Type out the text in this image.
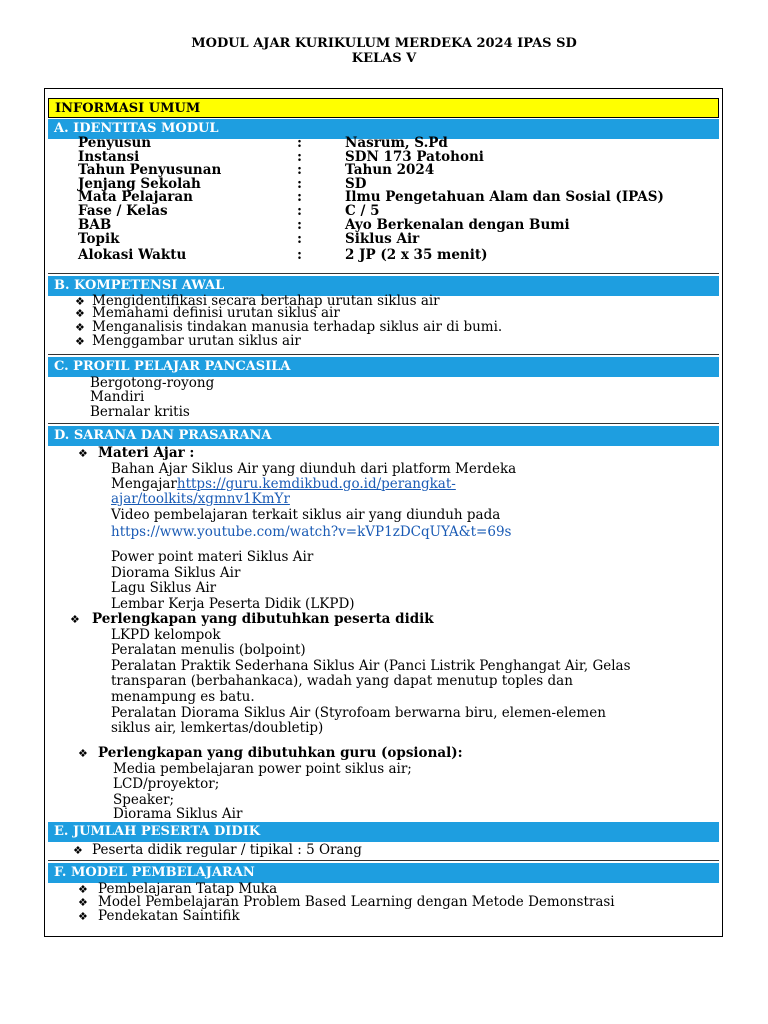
MODUL AJAR KURIKULUM MERDEKA 2024 IPAS SD
KELAS V
INFORMASI UMUM
A. IDENTITAS MODUL
Penyusun	:	Nasrum, S.Pd
Instansi	:	SDN 173 Patohoni
Tahun Penyusunan	:	Tahun 2024
Jenjang Sekolah	:	SD
Mata Pelajaran	:	Ilmu Pengetahuan Alam dan Sosial (IPAS)
Fase / Kelas	:	C / 5
BAB	:	Ayo Berkenalan dengan Bumi
Topik	:	Siklus Air
Alokasi Waktu	:	2 JP (2 x 35 menit)
B. KOMPETENSI AWAL
❖ Mengidentifikasi secara bertahap urutan siklus air
❖ Memahami definisi urutan siklus air
❖ Menganalisis tindakan manusia terhadap siklus air di bumi.
❖ Menggambar urutan siklus air
C. PROFIL PELAJAR PANCASILA
Bergotong-royong
Mandiri
Bernalar kritis
D. SARANA DAN PRASARANA
❖ Materi Ajar :
Bahan Ajar Siklus Air yang diunduh dari platform Merdeka
Mengajarhttps://guru.kemdikbud.go.id/perangkat-
ajar/toolkits/xgmnv1KmYr
Video pembelajaran terkait siklus air yang diunduh pada
https://www.youtube.com/watch?v=kVP1zDCqUYA&t=69s
Power point materi Siklus Air
Diorama Siklus Air
Lagu Siklus Air
Lembar Kerja Peserta Didik (LKPD)
❖ Perlengkapan yang dibutuhkan peserta didik
LKPD kelompok
Peralatan menulis (bolpoint)
Peralatan Praktik Sederhana Siklus Air (Panci Listrik Penghangat Air, Gelas
transparan (berbahankaca), wadah yang dapat menutup toples dan
menampung es batu.
Peralatan Diorama Siklus Air (Styrofoam berwarna biru, elemen-elemen
siklus air, lemkertas/doubletip)
❖ Perlengkapan yang dibutuhkan guru (opsional):
Media pembelajaran power point siklus air;
LCD/proyektor;
Speaker;
Diorama Siklus Air
E. JUMLAH PESERTA DIDIK
❖ Peserta didik regular / tipikal : 5 Orang
F. MODEL PEMBELAJARAN
❖ Pembelajaran Tatap Muka
❖ Model Pembelajaran Problem Based Learning dengan Metode Demonstrasi
❖ Pendekatan Saintifik
